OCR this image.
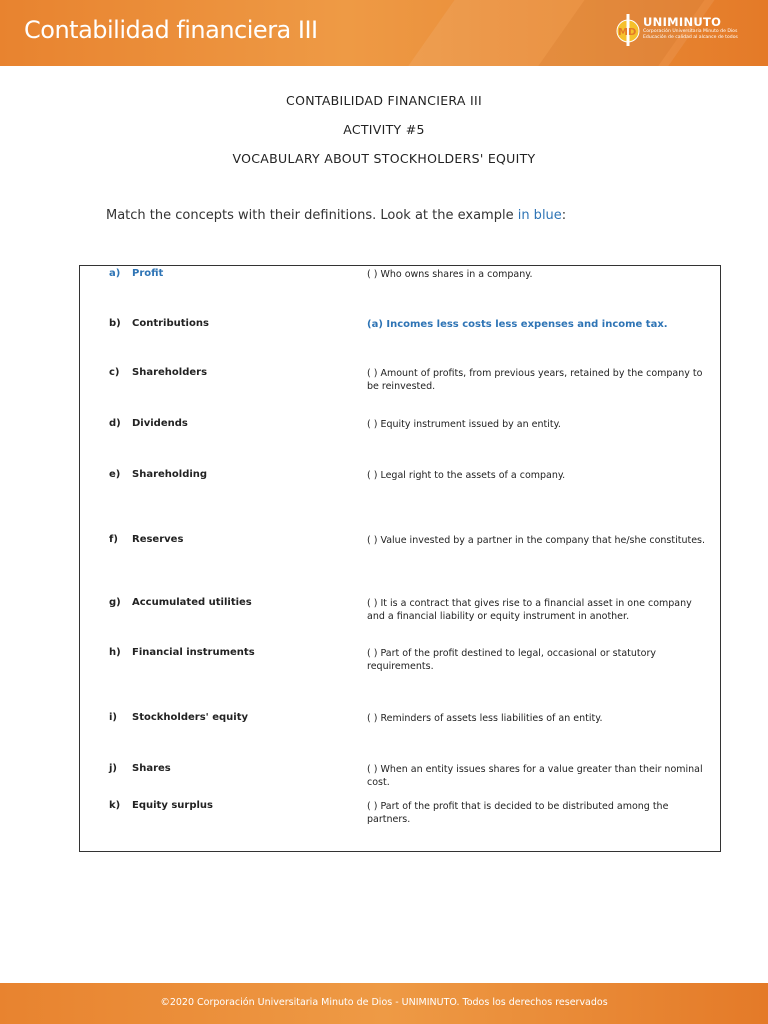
Contabilidad financiera III	MD
UNIMINUTO
Corporación Universitaria Minuto de Dios
Educación de calidad al alcance de todos
CONTABILIDAD FINANCIERA III
ACTIVITY #5
VOCABULARY ABOUT STOCKHOLDERS' EQUITY
Match the concepts with their definitions. Look at the example in blue:
a) Profit	( ) Who owns shares in a company.
b) Contributions	(a) Incomes less costs less expenses and income tax.
c) Shareholders	( ) Amount of profits, from previous years, retained by the company to be reinvested.
d) Dividends	( ) Equity instrument issued by an entity.
e) Shareholding	( ) Legal right to the assets of a company.
f) Reserves	( ) Value invested by a partner in the company that he/she constitutes.
g) Accumulated utilities	( ) It is a contract that gives rise to a financial asset in one company and a financial liability or equity instrument in another.
h) Financial instruments	( ) Part of the profit destined to legal, occasional or statutory requirements.
i) Stockholders' equity	( ) Reminders of assets less liabilities of an entity.
j) Shares	( ) When an entity issues shares for a value greater than their nominal cost.
k) Equity surplus	( ) Part of the profit that is decided to be distributed among the partners.
©2020 Corporación Universitaria Minuto de Dios - UNIMINUTO. Todos los derechos reservados
